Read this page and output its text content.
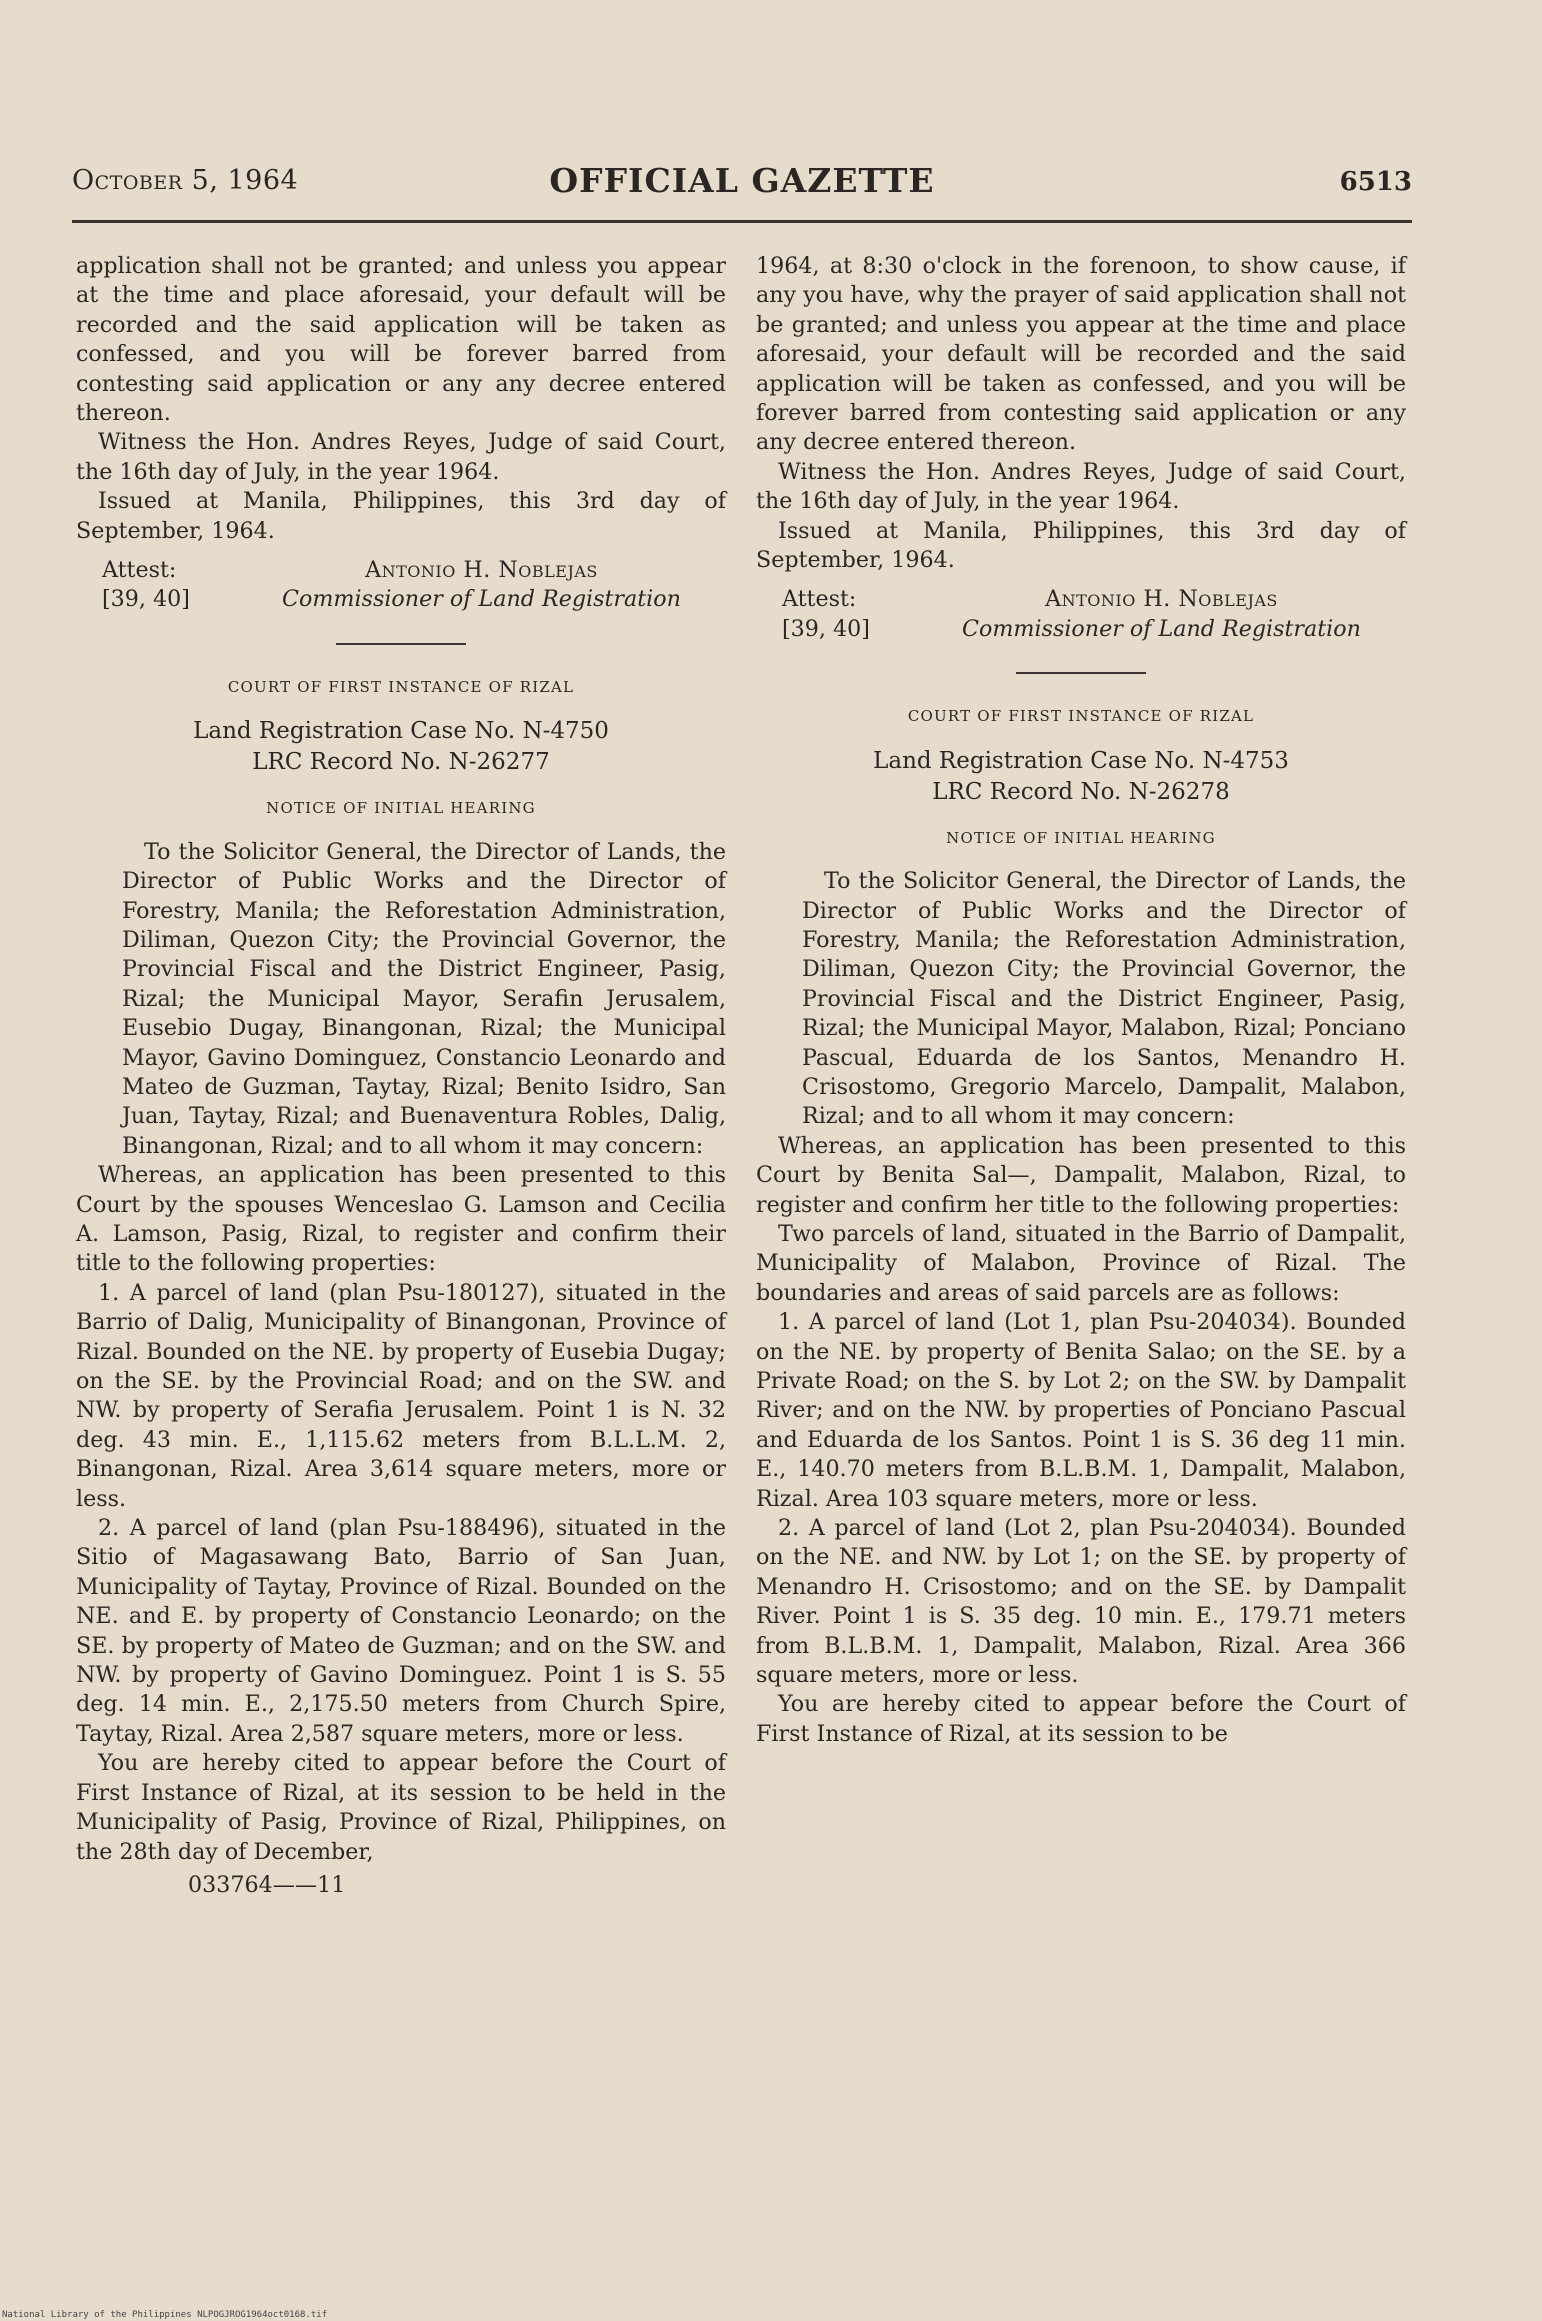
October 5, 1964	OFFICIAL GAZETTE	6513

application shall not be granted; and unless you appear at the time and place aforesaid, your default will be recorded and the said application will be taken as confessed, and you will be forever barred from contesting said application or any any decree entered thereon.

Witness the Hon. Andres Reyes, Judge of said Court, the 16th day of July, in the year 1964.

Issued at Manila, Philippines, this 3rd day of September, 1964.

Attest:
[39, 40]
Antonio H. Noblejas
Commissioner of Land Registration
COURT OF FIRST INSTANCE OF RIZAL
Land Registration Case No. N-4750
LRC Record No. N-26277
NOTICE OF INITIAL HEARING

To the Solicitor General, the Director of Lands, the Director of Public Works and the Director of Forestry, Manila; the Reforestation Administration, Diliman, Quezon City; the Provincial Governor, the Provincial Fiscal and the District Engineer, Pasig, Rizal; the Municipal Mayor, Serafin Jerusalem, Eusebio Dugay, Binangonan, Rizal; the Municipal Mayor, Gavino Dominguez, Constancio Leonardo and Mateo de Guzman, Taytay, Rizal; Benito Isidro, San Juan, Taytay, Rizal; and Buenaventura Robles, Dalig, Binangonan, Rizal; and to all whom it may concern:

Whereas, an application has been presented to this Court by the spouses Wenceslao G. Lamson and Cecilia A. Lamson, Pasig, Rizal, to register and confirm their title to the following properties:

1. A parcel of land (plan Psu-180127), situated in the Barrio of Dalig, Municipality of Binangonan, Province of Rizal. Bounded on the NE. by property of Eusebia Dugay; on the SE. by the Provincial Road; and on the SW. and NW. by property of Serafia Jerusalem. Point 1 is N. 32 deg. 43 min. E., 1,115.62 meters from B.L.L.M. 2, Binangonan, Rizal. Area 3,614 square meters, more or less.

2. A parcel of land (plan Psu-188496), situated in the Sitio of Magasawang Bato, Barrio of San Juan, Municipality of Taytay, Province of Rizal. Bounded on the NE. and E. by property of Constancio Leonardo; on the SE. by property of Mateo de Guzman; and on the SW. and NW. by property of Gavino Dominguez. Point 1 is S. 55 deg. 14 min. E., 2,175.50 meters from Church Spire, Taytay, Rizal. Area 2,587 square meters, more or less.

You are hereby cited to appear before the Court of First Instance of Rizal, at its session to be held in the Municipality of Pasig, Province of Rizal, Philippines, on the 28th day of December,

033764——11

1964, at 8:30 o'clock in the forenoon, to show cause, if any you have, why the prayer of said application shall not be granted; and unless you appear at the time and place aforesaid, your default will be recorded and the said application will be taken as confessed, and you will be forever barred from contesting said application or any any decree entered thereon.

Witness the Hon. Andres Reyes, Judge of said Court, the 16th day of July, in the year 1964.

Issued at Manila, Philippines, this 3rd day of September, 1964.

Attest:
[39, 40]
Antonio H. Noblejas
Commissioner of Land Registration
COURT OF FIRST INSTANCE OF RIZAL
Land Registration Case No. N-4753
LRC Record No. N-26278
NOTICE OF INITIAL HEARING

To the Solicitor General, the Director of Lands, the Director of Public Works and the Director of Forestry, Manila; the Reforestation Administration, Diliman, Quezon City; the Provincial Governor, the Provincial Fiscal and the District Engineer, Pasig, Rizal; the Municipal Mayor, Malabon, Rizal; Ponciano Pascual, Eduarda de los Santos, Menandro H. Crisostomo, Gregorio Marcelo, Dampalit, Malabon, Rizal; and to all whom it may concern:

Whereas, an application has been presented to this Court by Benita Sal—, Dampalit, Malabon, Rizal, to register and confirm her title to the following properties:

Two parcels of land, situated in the Barrio of Dampalit, Municipality of Malabon, Province of Rizal. The boundaries and areas of said parcels are as follows:

1. A parcel of land (Lot 1, plan Psu-204034). Bounded on the NE. by property of Benita Salao; on the SE. by a Private Road; on the S. by Lot 2; on the SW. by Dampalit River; and on the NW. by properties of Ponciano Pascual and Eduarda de los Santos. Point 1 is S. 36 deg 11 min. E., 140.70 meters from B.L.B.M. 1, Dampalit, Malabon, Rizal. Area 103 square meters, more or less.

2. A parcel of land (Lot 2, plan Psu-204034). Bounded on the NE. and NW. by Lot 1; on the SE. by property of Menandro H. Crisostomo; and on the SE. by Dampalit River. Point 1 is S. 35 deg. 10 min. E., 179.71 meters from B.L.B.M. 1, Dampalit, Malabon, Rizal. Area 366 square meters, more or less.

You are hereby cited to appear before the Court of First Instance of Rizal, at its session to be

National Library of the Philippines NLPOGJROG1964oct0168.tif
